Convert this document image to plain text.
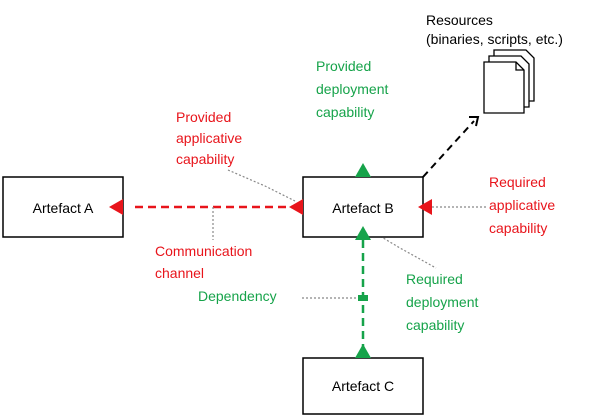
Resources
(binaries, scripts, etc.)
Artefact A	Artefact B
Artefact C
Provided
applicative
capability
Provided
deployment
capability
Required
applicative
capability
Required
deployment
capability
Communication
channel
Dependency
